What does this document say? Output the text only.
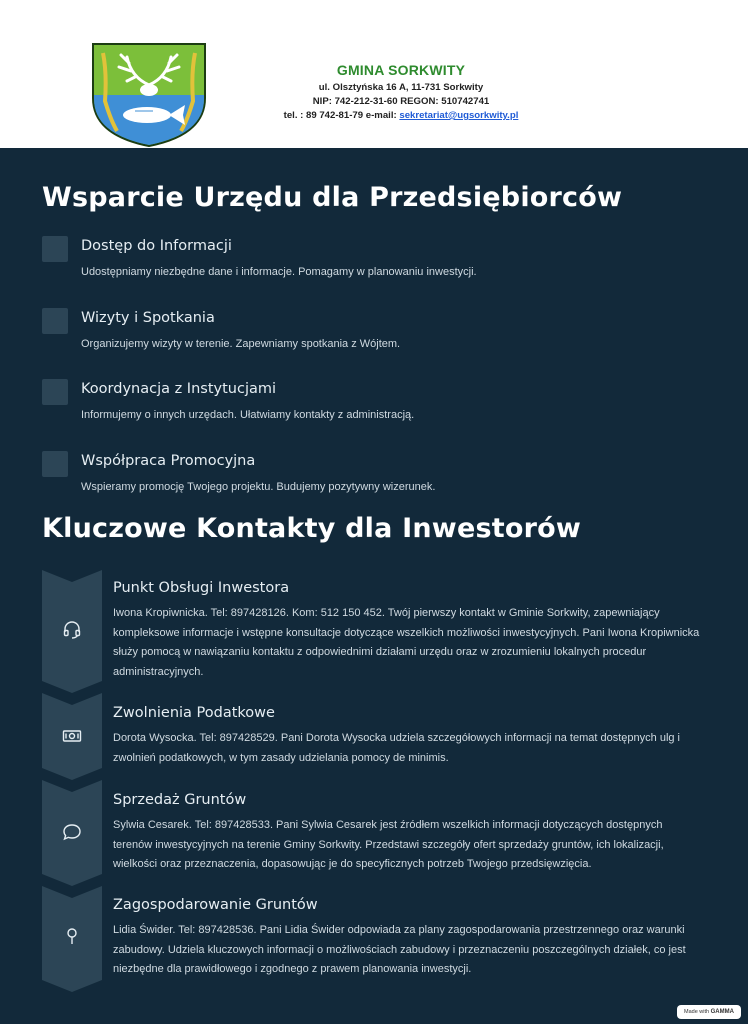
GMINA SORKWITY
ul. Olsztyńska 16 A, 11-731 Sorkwity
NIP: 742-212-31-60 REGON: 510742741
tel. : 89 742-81-79 e-mail: sekretariat@ugsorkwity.pl
Wsparcie Urzędu dla Przedsiębiorców
Dostęp do Informacji
Udostępniamy niezbędne dane i informacje. Pomagamy w planowaniu inwestycji.
Wizyty i Spotkania
Organizujemy wizyty w terenie. Zapewniamy spotkania z Wójtem.
Koordynacja z Instytucjami
Informujemy o innych urzędach. Ułatwiamy kontakty z administracją.
Współpraca Promocyjna
Wspieramy promocję Twojego projektu. Budujemy pozytywny wizerunek.
Kluczowe Kontakty dla Inwestorów
Punkt Obsługi Inwestora
Iwona Kropiwnicka. Tel: 897428126. Kom: 512 150 452. Twój pierwszy kontakt w Gminie Sorkwity, zapewniający kompleksowe informacje i wstępne konsultacje dotyczące wszelkich możliwości inwestycyjnych. Pani Iwona Kropiwnicka służy pomocą w nawiązaniu kontaktu z odpowiednimi działami urzędu oraz w zrozumieniu lokalnych procedur administracyjnych.
Zwolnienia Podatkowe
Dorota Wysocka. Tel: 897428529. Pani Dorota Wysocka udziela szczegółowych informacji na temat dostępnych ulg i zwolnień podatkowych, w tym zasady udzielania pomocy de minimis.
Sprzedaż Gruntów
Sylwia Cesarek. Tel: 897428533. Pani Sylwia Cesarek jest źródłem wszelkich informacji dotyczących dostępnych terenów inwestycyjnych na terenie Gminy Sorkwity. Przedstawi szczegóły ofert sprzedaży gruntów, ich lokalizacji, wielkości oraz przeznaczenia, dopasowując je do specyficznych potrzeb Twojego przedsięwzięcia.
Zagospodarowanie Gruntów
Lidia Świder. Tel: 897428536. Pani Lidia Świder odpowiada za plany zagospodarowania przestrzennego oraz warunki zabudowy. Udziela kluczowych informacji o możliwościach zabudowy i przeznaczeniu poszczególnych działek, co jest niezbędne dla prawidłowego i zgodnego z prawem planowania inwestycji.
Made with GAMMA
